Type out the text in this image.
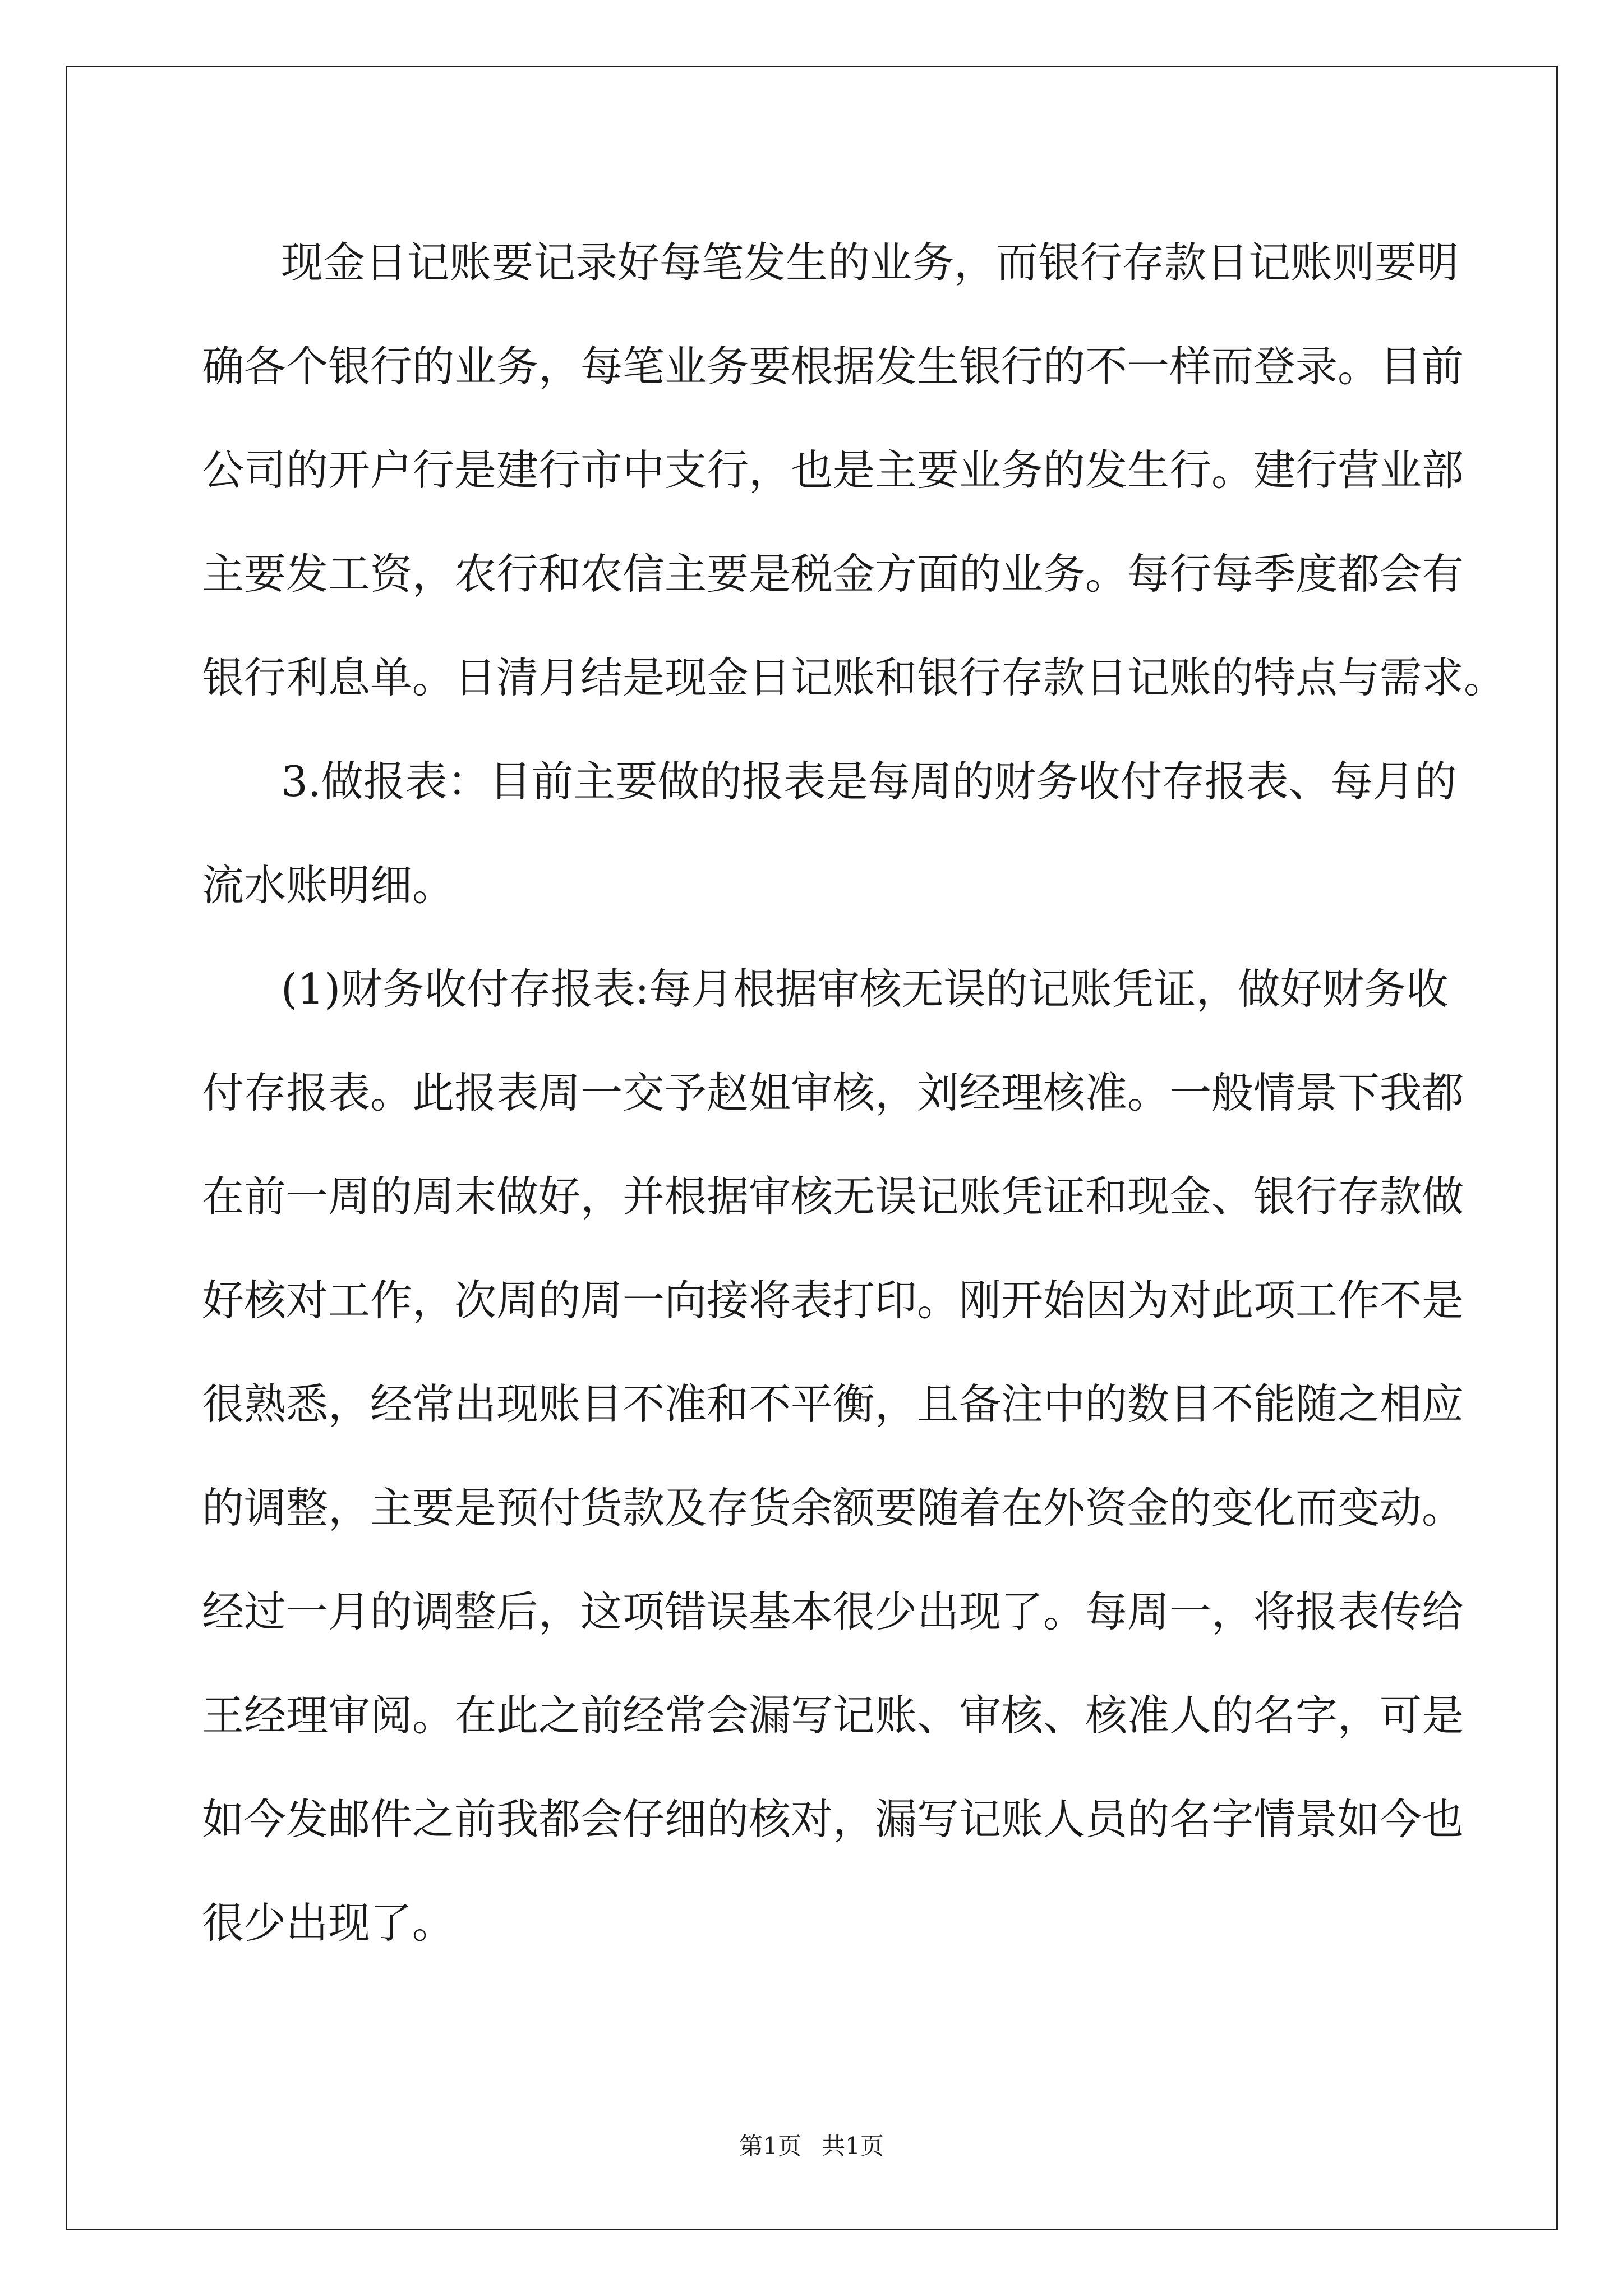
现金日记账要记录好每笔发生的业务，而银行存款日记账则要明
确各个银行的业务，每笔业务要根据发生银行的不一样而登录。目前
公司的开户行是建行市中支行，也是主要业务的发生行。建行营业部
主要发工资，农行和农信主要是税金方面的业务。每行每季度都会有
银行利息单。日清月结是现金日记账和银行存款日记账的特点与需求。
3.做报表：目前主要做的报表是每周的财务收付存报表、每月的
流水账明细。
(1)财务收付存报表:每月根据审核无误的记账凭证，做好财务收
付存报表。此报表周一交予赵姐审核，刘经理核准。一般情景下我都
在前一周的周末做好，并根据审核无误记账凭证和现金、银行存款做
好核对工作，次周的周一向接将表打印。刚开始因为对此项工作不是
很熟悉，经常出现账目不准和不平衡，且备注中的数目不能随之相应
的调整，主要是预付货款及存货余额要随着在外资金的变化而变动。
经过一月的调整后，这项错误基本很少出现了。每周一，将报表传给
王经理审阅。在此之前经常会漏写记账、审核、核准人的名字，可是
如今发邮件之前我都会仔细的核对，漏写记账人员的名字情景如今也
很少出现了。
第1页 共1页
